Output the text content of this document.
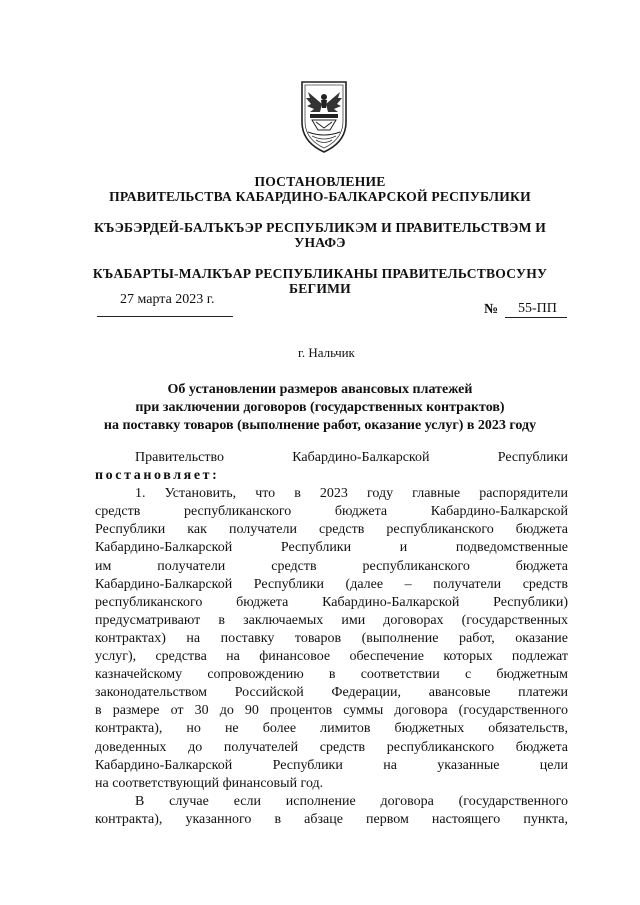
ПОСТАНОВЛЕНИЕ
ПРАВИТЕЛЬСТВА КАБАРДИНО-БАЛКАРСКОЙ РЕСПУБЛИКИ
КЪЭБЭРДЕЙ-БАЛЪКЪЭР РЕСПУБЛИКЭМ И ПРАВИТЕЛЬСТВЭМ И
УНАФЭ
КЪАБАРТЫ-МАЛКЪАР РЕСПУБЛИКАНЫ ПРАВИТЕЛЬСТВОСУНУ
БЕГИМИ
27 марта 2023 г.
№ 55-ПП
г. Нальчик
Об установлении размеров авансовых платежей
при заключении договоров (государственных контрактов)
на поставку товаров (выполнение работ, оказание услуг) в 2023 году
Правительство	Кабардино-Балкарской	Республики
постановляет:

1. Установить, что в 2023 году главные распорядители

средств республиканского бюджета Кабардино-Балкарской

Республики как получатели средств республиканского бюджета

Кабардино-Балкарской Республики и подведомственные

им получатели средств республиканского бюджета

Кабардино-Балкарской Республики (далее – получатели средств

республиканского бюджета Кабардино-Балкарской Республики)

предусматривают в заключаемых ими договорах (государственных

контрактах) на поставку товаров (выполнение работ, оказание

услуг), средства на финансовое обеспечение которых подлежат

казначейскому сопровождению в соответствии с бюджетным

законодательством Российской Федерации, авансовые платежи

в размере от 30 до 90 процентов суммы договора (государственного

контракта), но не более лимитов бюджетных обязательств,

доведенных до получателей средств республиканского бюджета

Кабардино-Балкарской Республики на указанные цели

на соответствующий финансовый год.

В случае если исполнение договора (государственного

контракта), указанного в абзаце первом настоящего пункта,
